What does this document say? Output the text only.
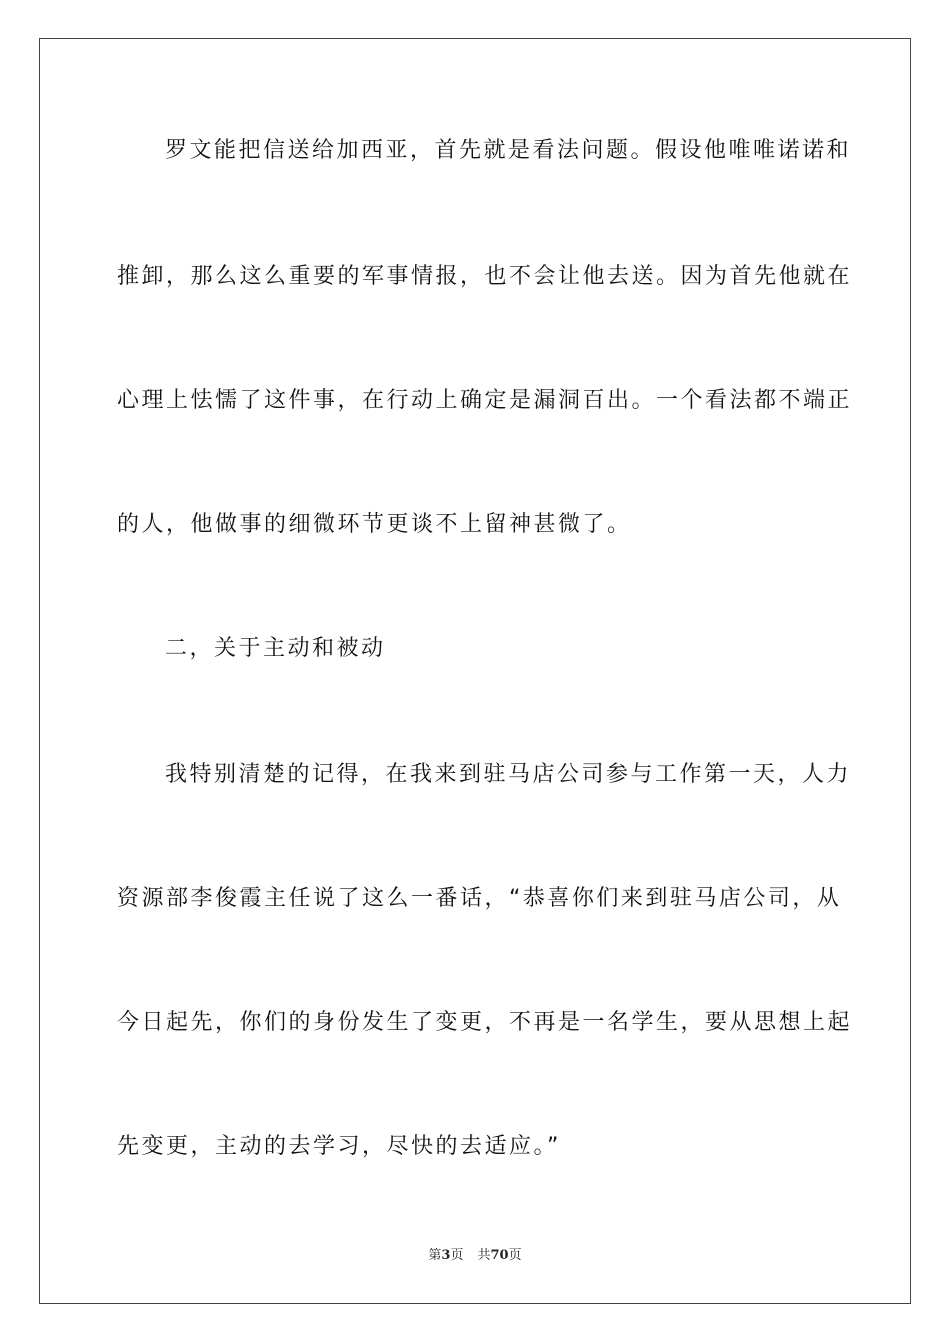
罗文能把信送给加西亚，首先就是看法问题。假设他唯唯诺诺和
推卸，那么这么重要的军事情报，也不会让他去送。因为首先他就在
心理上怯懦了这件事，在行动上确定是漏洞百出。一个看法都不端正
的人，他做事的细微环节更谈不上留神甚微了。
二，关于主动和被动
我特别清楚的记得，在我来到驻马店公司参与工作第一天，人力
资源部李俊霞主任说了这么一番话，“恭喜你们来到驻马店公司，从
今日起先，你们的身份发生了变更，不再是一名学生，要从思想上起
先变更，主动的去学习，尽快的去适应。”
第3页 共70页
